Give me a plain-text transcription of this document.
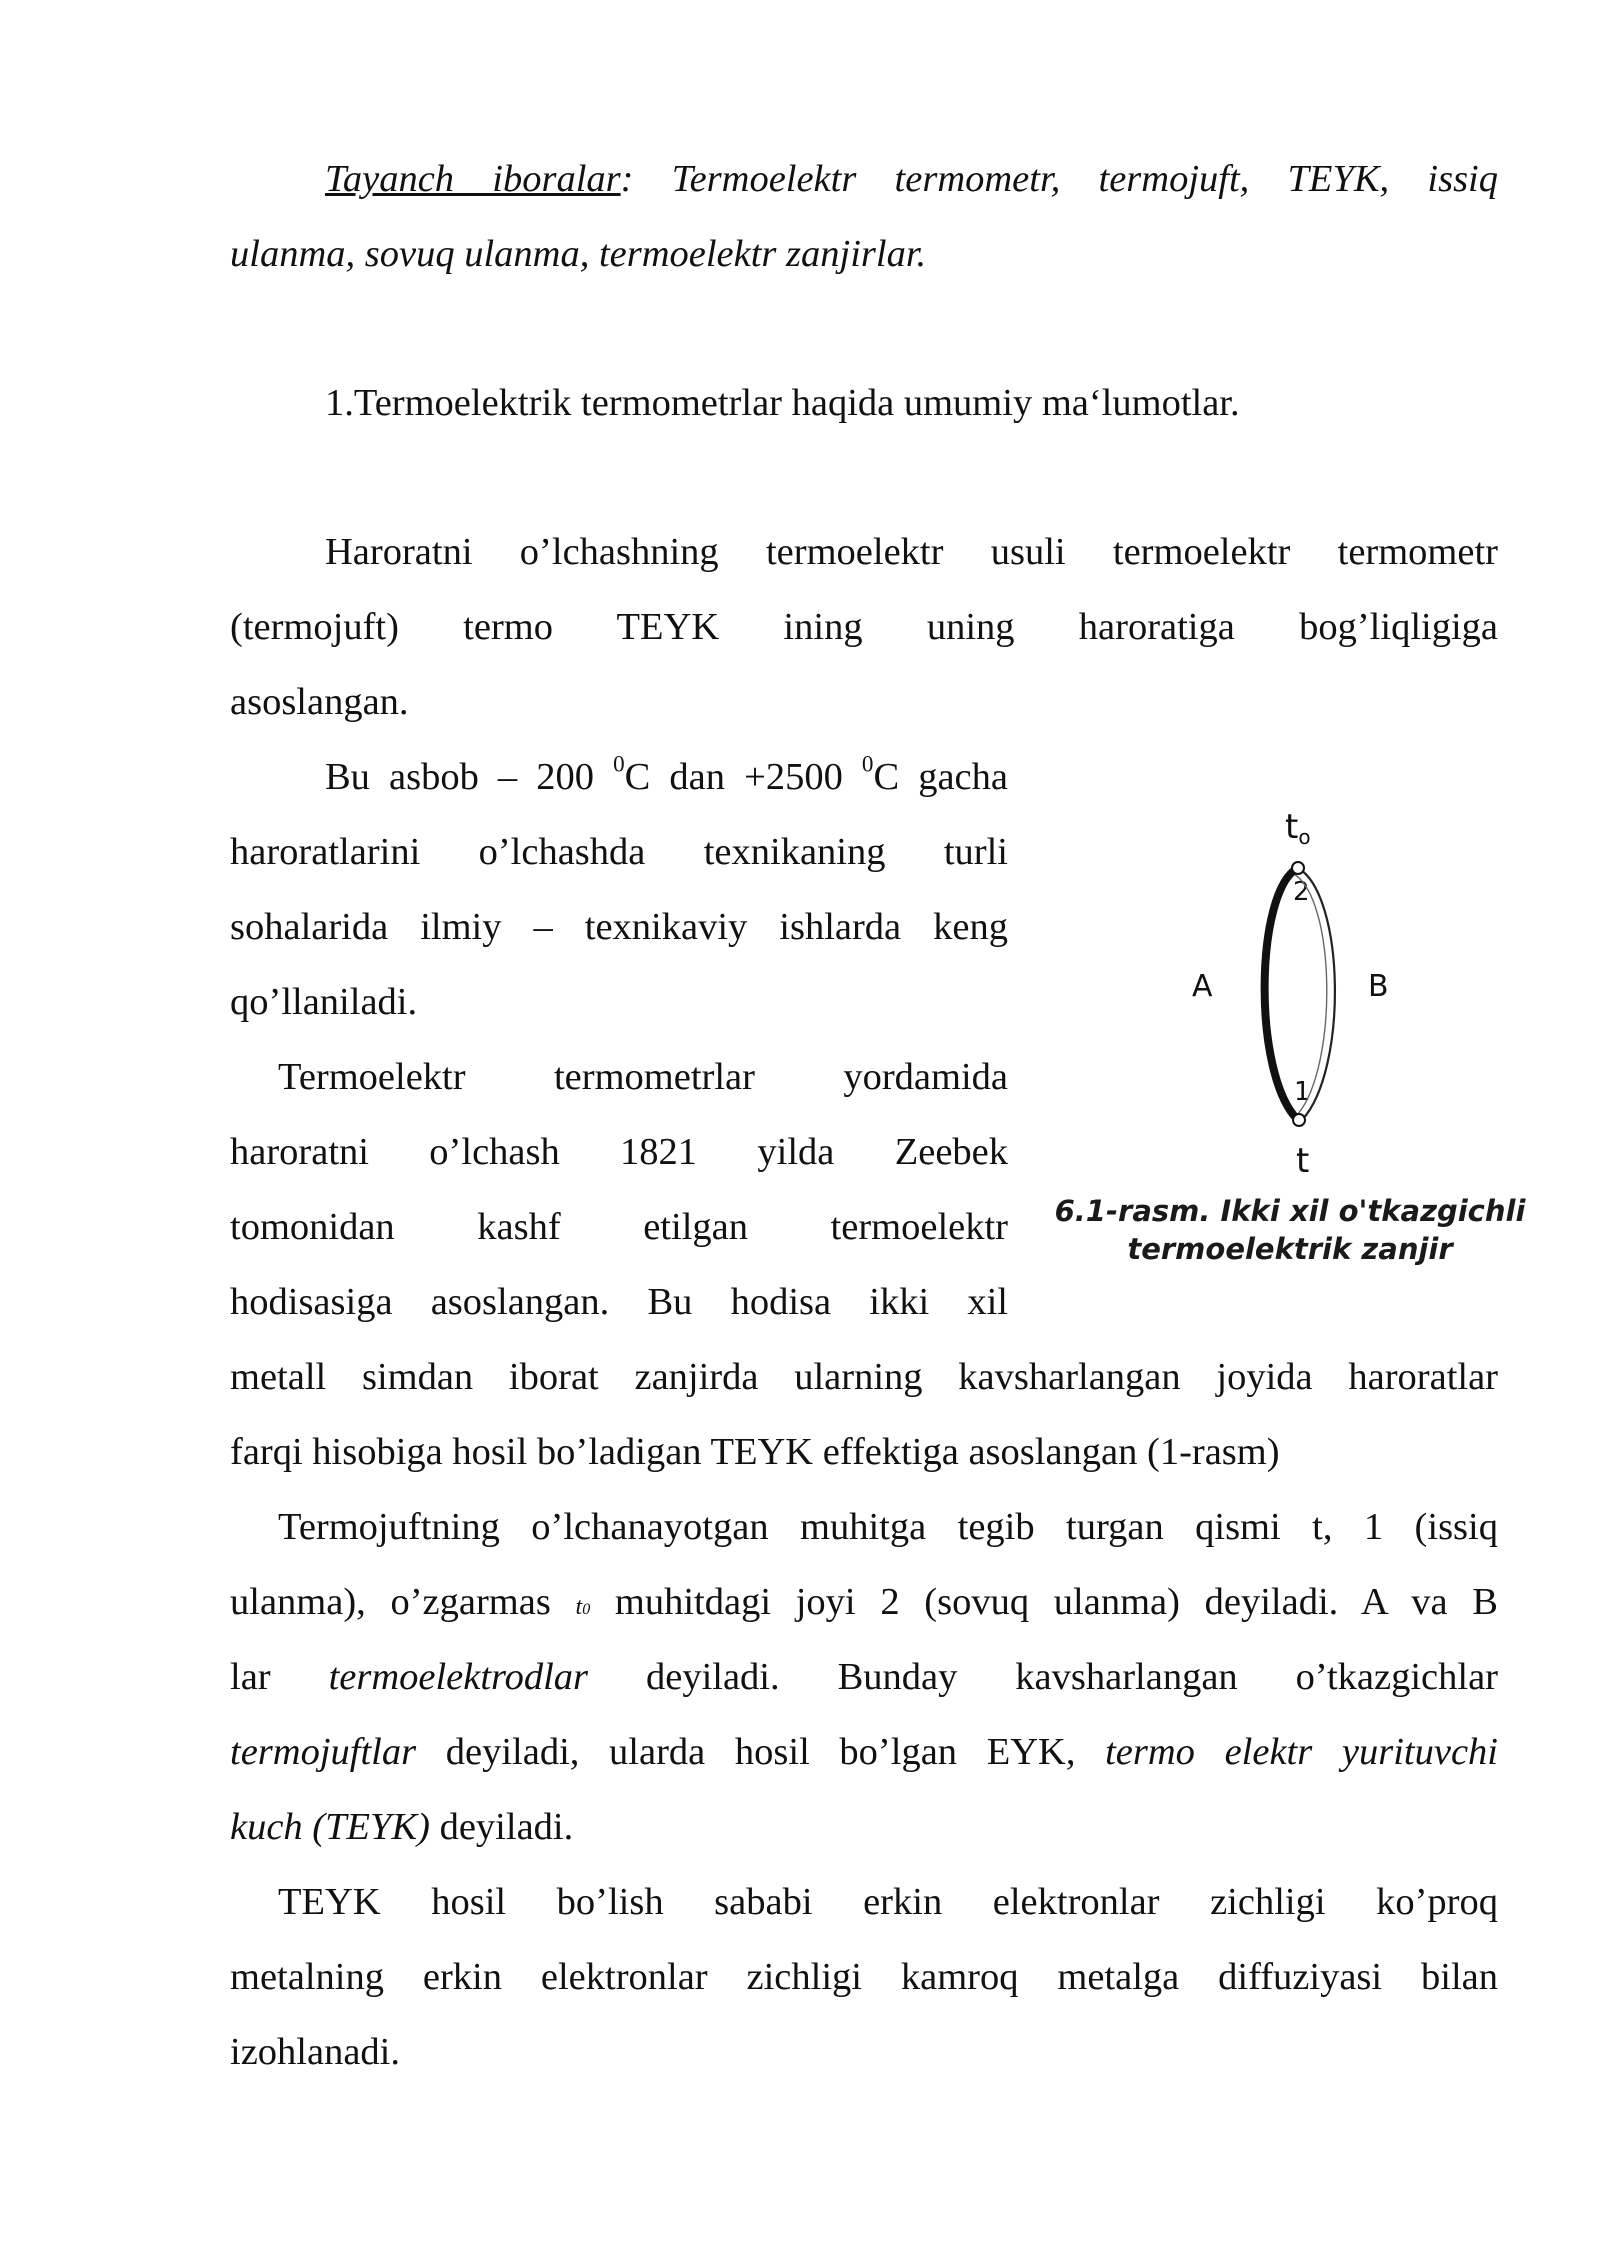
Tayanch iboralar: Termoelektr termometr, termojuft, TEYK, issiq
ulanma, sovuq ulanma, termoelektr zanjirlar.
1.Termoelektrik termometrlar haqida umumiy ma‘lumotlar.
Haroratni o’lchashning termoelektr usuli termoelektr termometr
(termojuft) termo TEYK ining uning haroratiga bog’liqligiga
asoslangan.
Bu asbob – 200 $^0$C dan +2500 $^0$C gacha
haroratlarini o’lchashda texnikaning turli
sohalarida ilmiy – texnikaviy ishlarda keng
qo’llaniladi.
Termoelektr termometrlar yordamida
haroratni o’lchash 1821 yilda Zeebek
tomonidan kashf etilgan termoelektr
hodisasiga asoslangan. Bu hodisa ikki xil
metall simdan iborat zanjirda ularning kavsharlangan joyida haroratlar
farqi hisobiga hosil bo’ladigan TEYK effektiga asoslangan (1-rasm)
to
2
A	B
1
t
6.1-rasm. Ikki xil o'tkazgichli
termoelektrik zanjir
Termojuftning o’lchanayotgan muhitga tegib turgan qismi t, 1 (issiq
ulanma), o’zgarmas t0 muhitdagi joyi 2 (sovuq ulanma) deyiladi. A va B
lar termoelektrodlar deyiladi. Bunday kavsharlangan o’tkazgichlar
termojuftlar deyiladi, ularda hosil bo’lgan EYK, termo elektr yurituvchi
kuch (TEYK) deyiladi.
TEYK hosil bo’lish sababi erkin elektronlar zichligi ko’proq
metalning erkin elektronlar zichligi kamroq metalga diffuziyasi bilan
izohlanadi.
